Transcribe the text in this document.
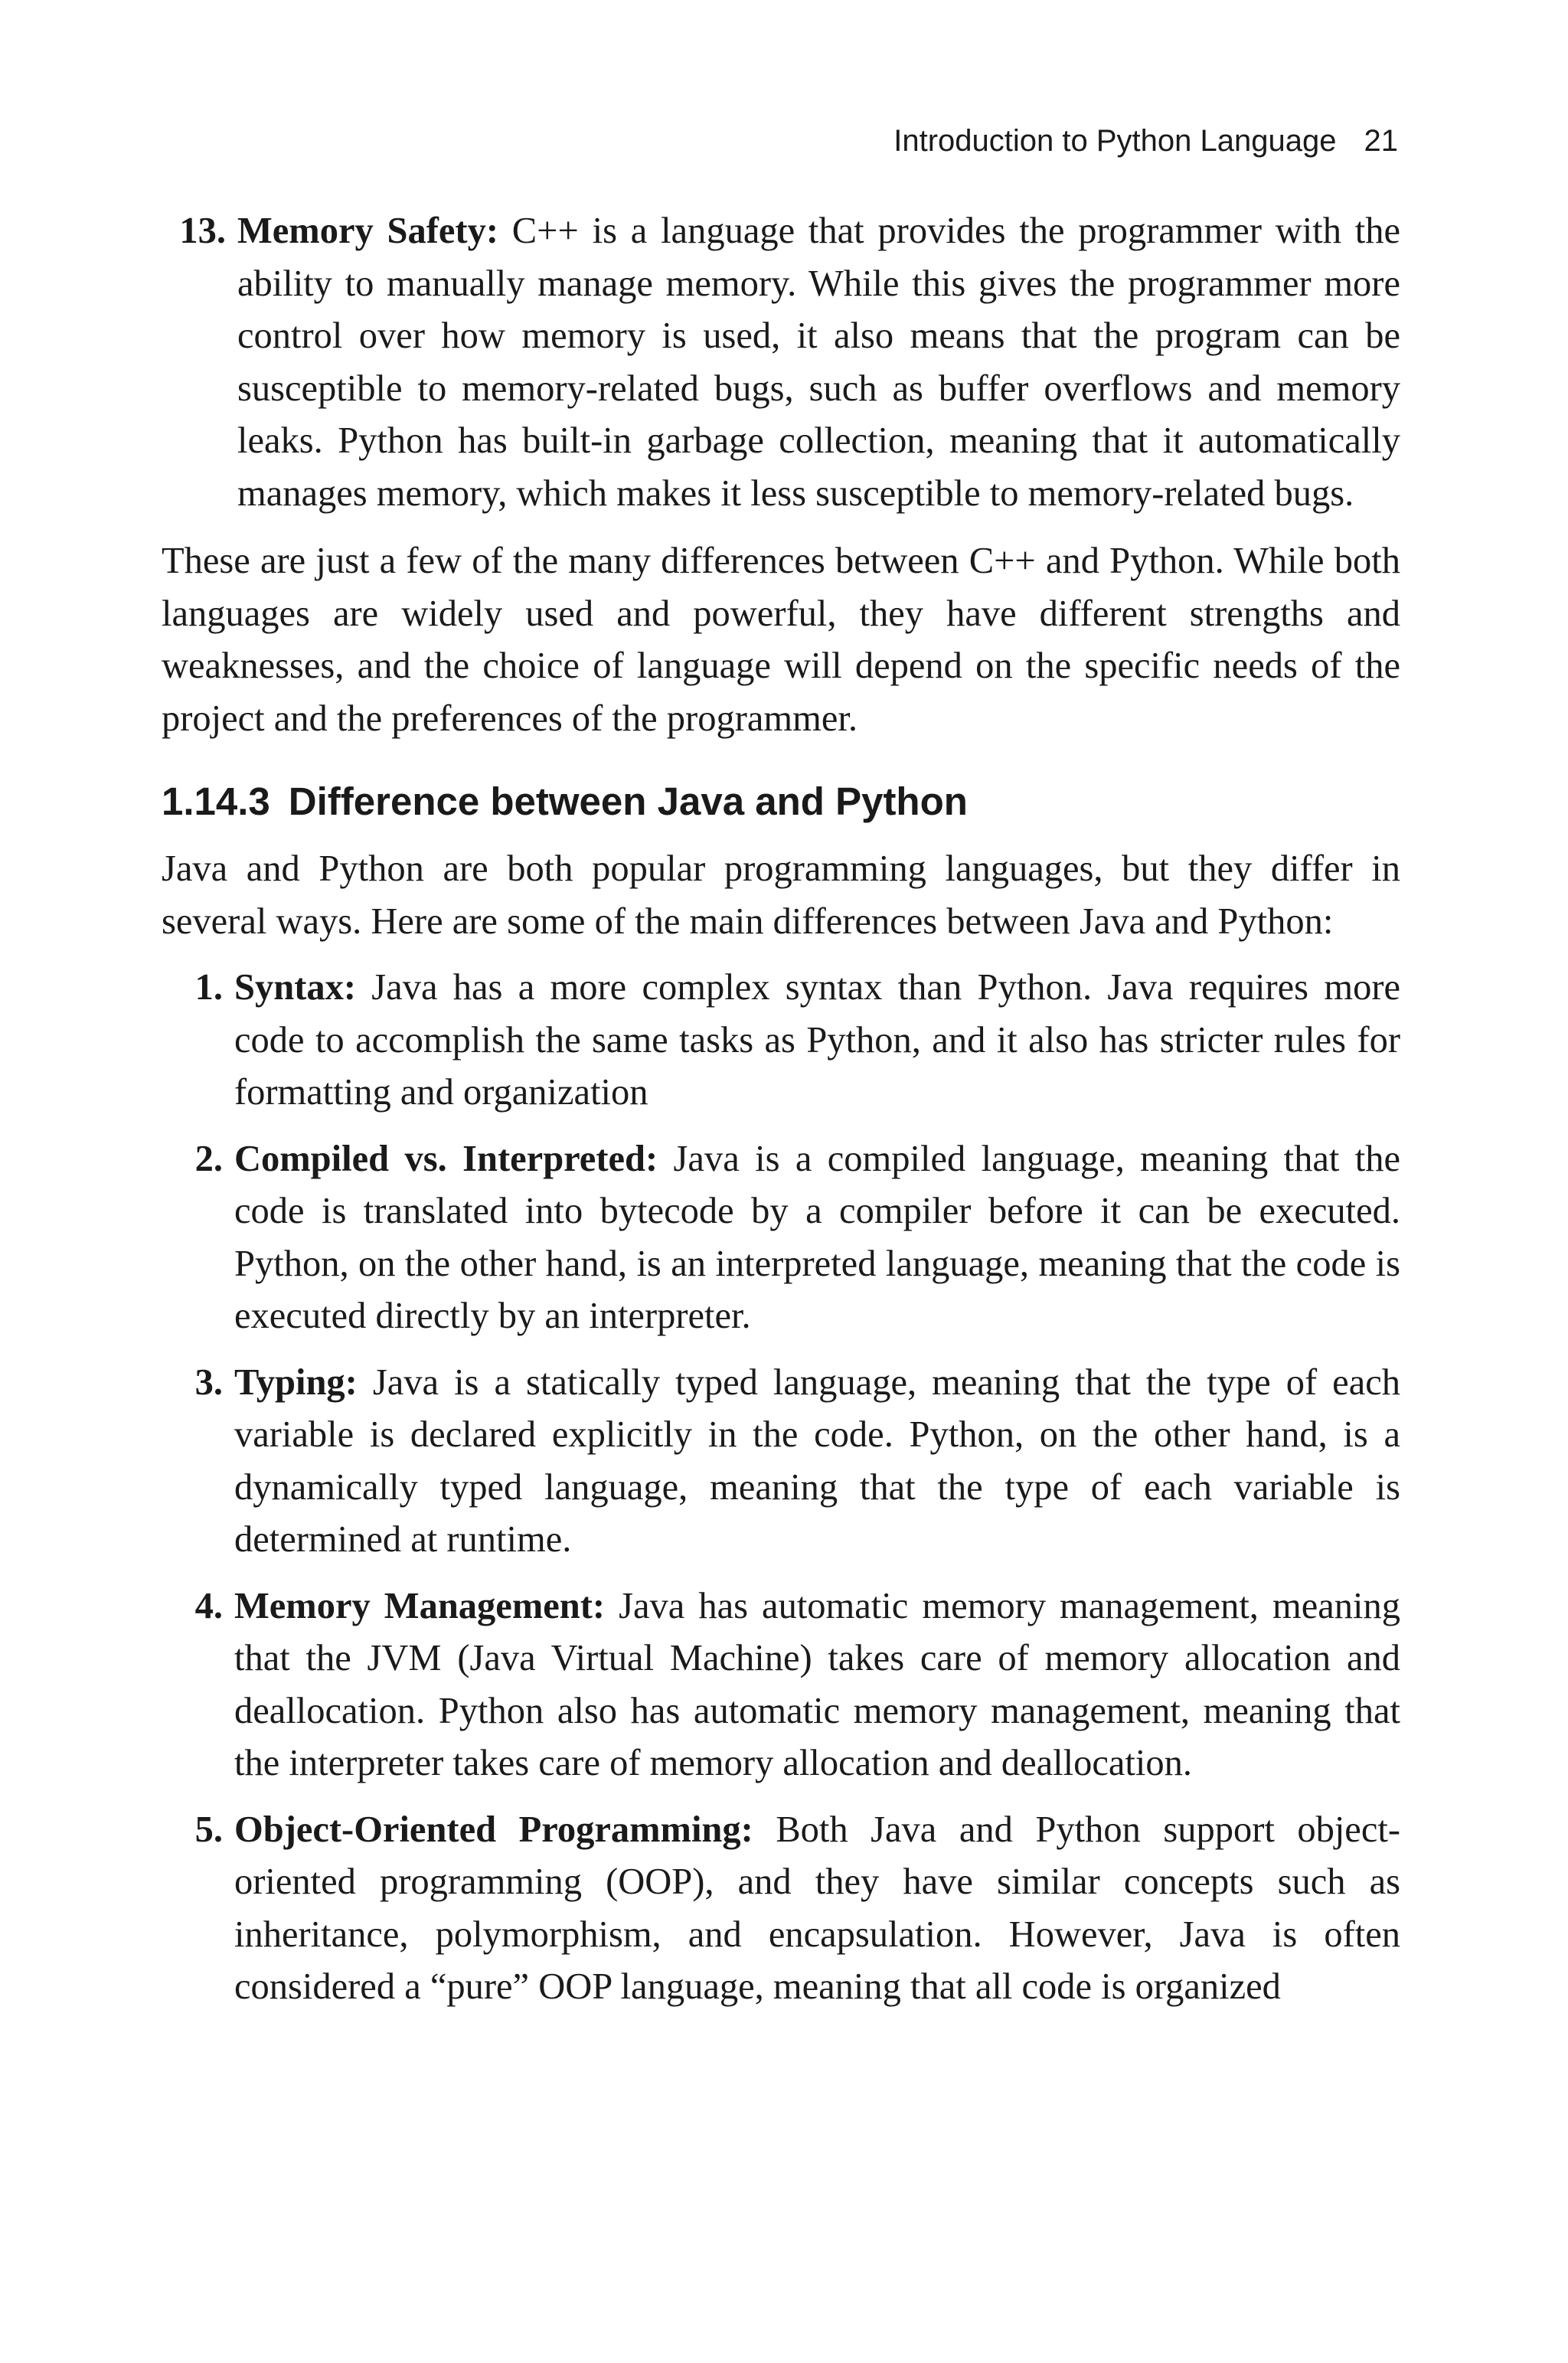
Introduction to Python Language 21

13. Memory Safety: C++ is a language that provides the programmer with the ability to manually manage memory. While this gives the programmer more control over how memory is used, it also means that the program can be susceptible to memory-related bugs, such as buffer overflows and memory leaks. Python has built-in garbage collection, meaning that it automatically manages memory, which makes it less susceptible to memory-related bugs.

These are just a few of the many differences between C++ and Python. While both languages are widely used and powerful, they have different strengths and weaknesses, and the choice of language will depend on the specific needs of the project and the preferences of the programmer.

1.14.3 Difference between Java and Python

Java and Python are both popular programming languages, but they differ in several ways. Here are some of the main differences between Java and Python:

1. Syntax: Java has a more complex syntax than Python. Java requires more code to accomplish the same tasks as Python, and it also has stricter rules for formatting and organization

2. Compiled vs. Interpreted: Java is a compiled language, meaning that the code is translated into bytecode by a compiler before it can be executed. Python, on the other hand, is an interpreted language, meaning that the code is executed directly by an interpreter.

3. Typing: Java is a statically typed language, meaning that the type of each variable is declared explicitly in the code. Python, on the other hand, is a dynamically typed language, meaning that the type of each variable is determined at runtime.

4. Memory Management: Java has automatic memory management, meaning that the JVM (Java Virtual Machine) takes care of memory allocation and deallocation. Python also has automatic memory management, meaning that the interpreter takes care of memory allocation and deallocation.

5. Object-Oriented Programming: Both Java and Python support object-oriented programming (OOP), and they have similar concepts such as inheritance, polymorphism, and encapsulation. However, Java is often considered a “pure” OOP language, meaning that all code is organized
